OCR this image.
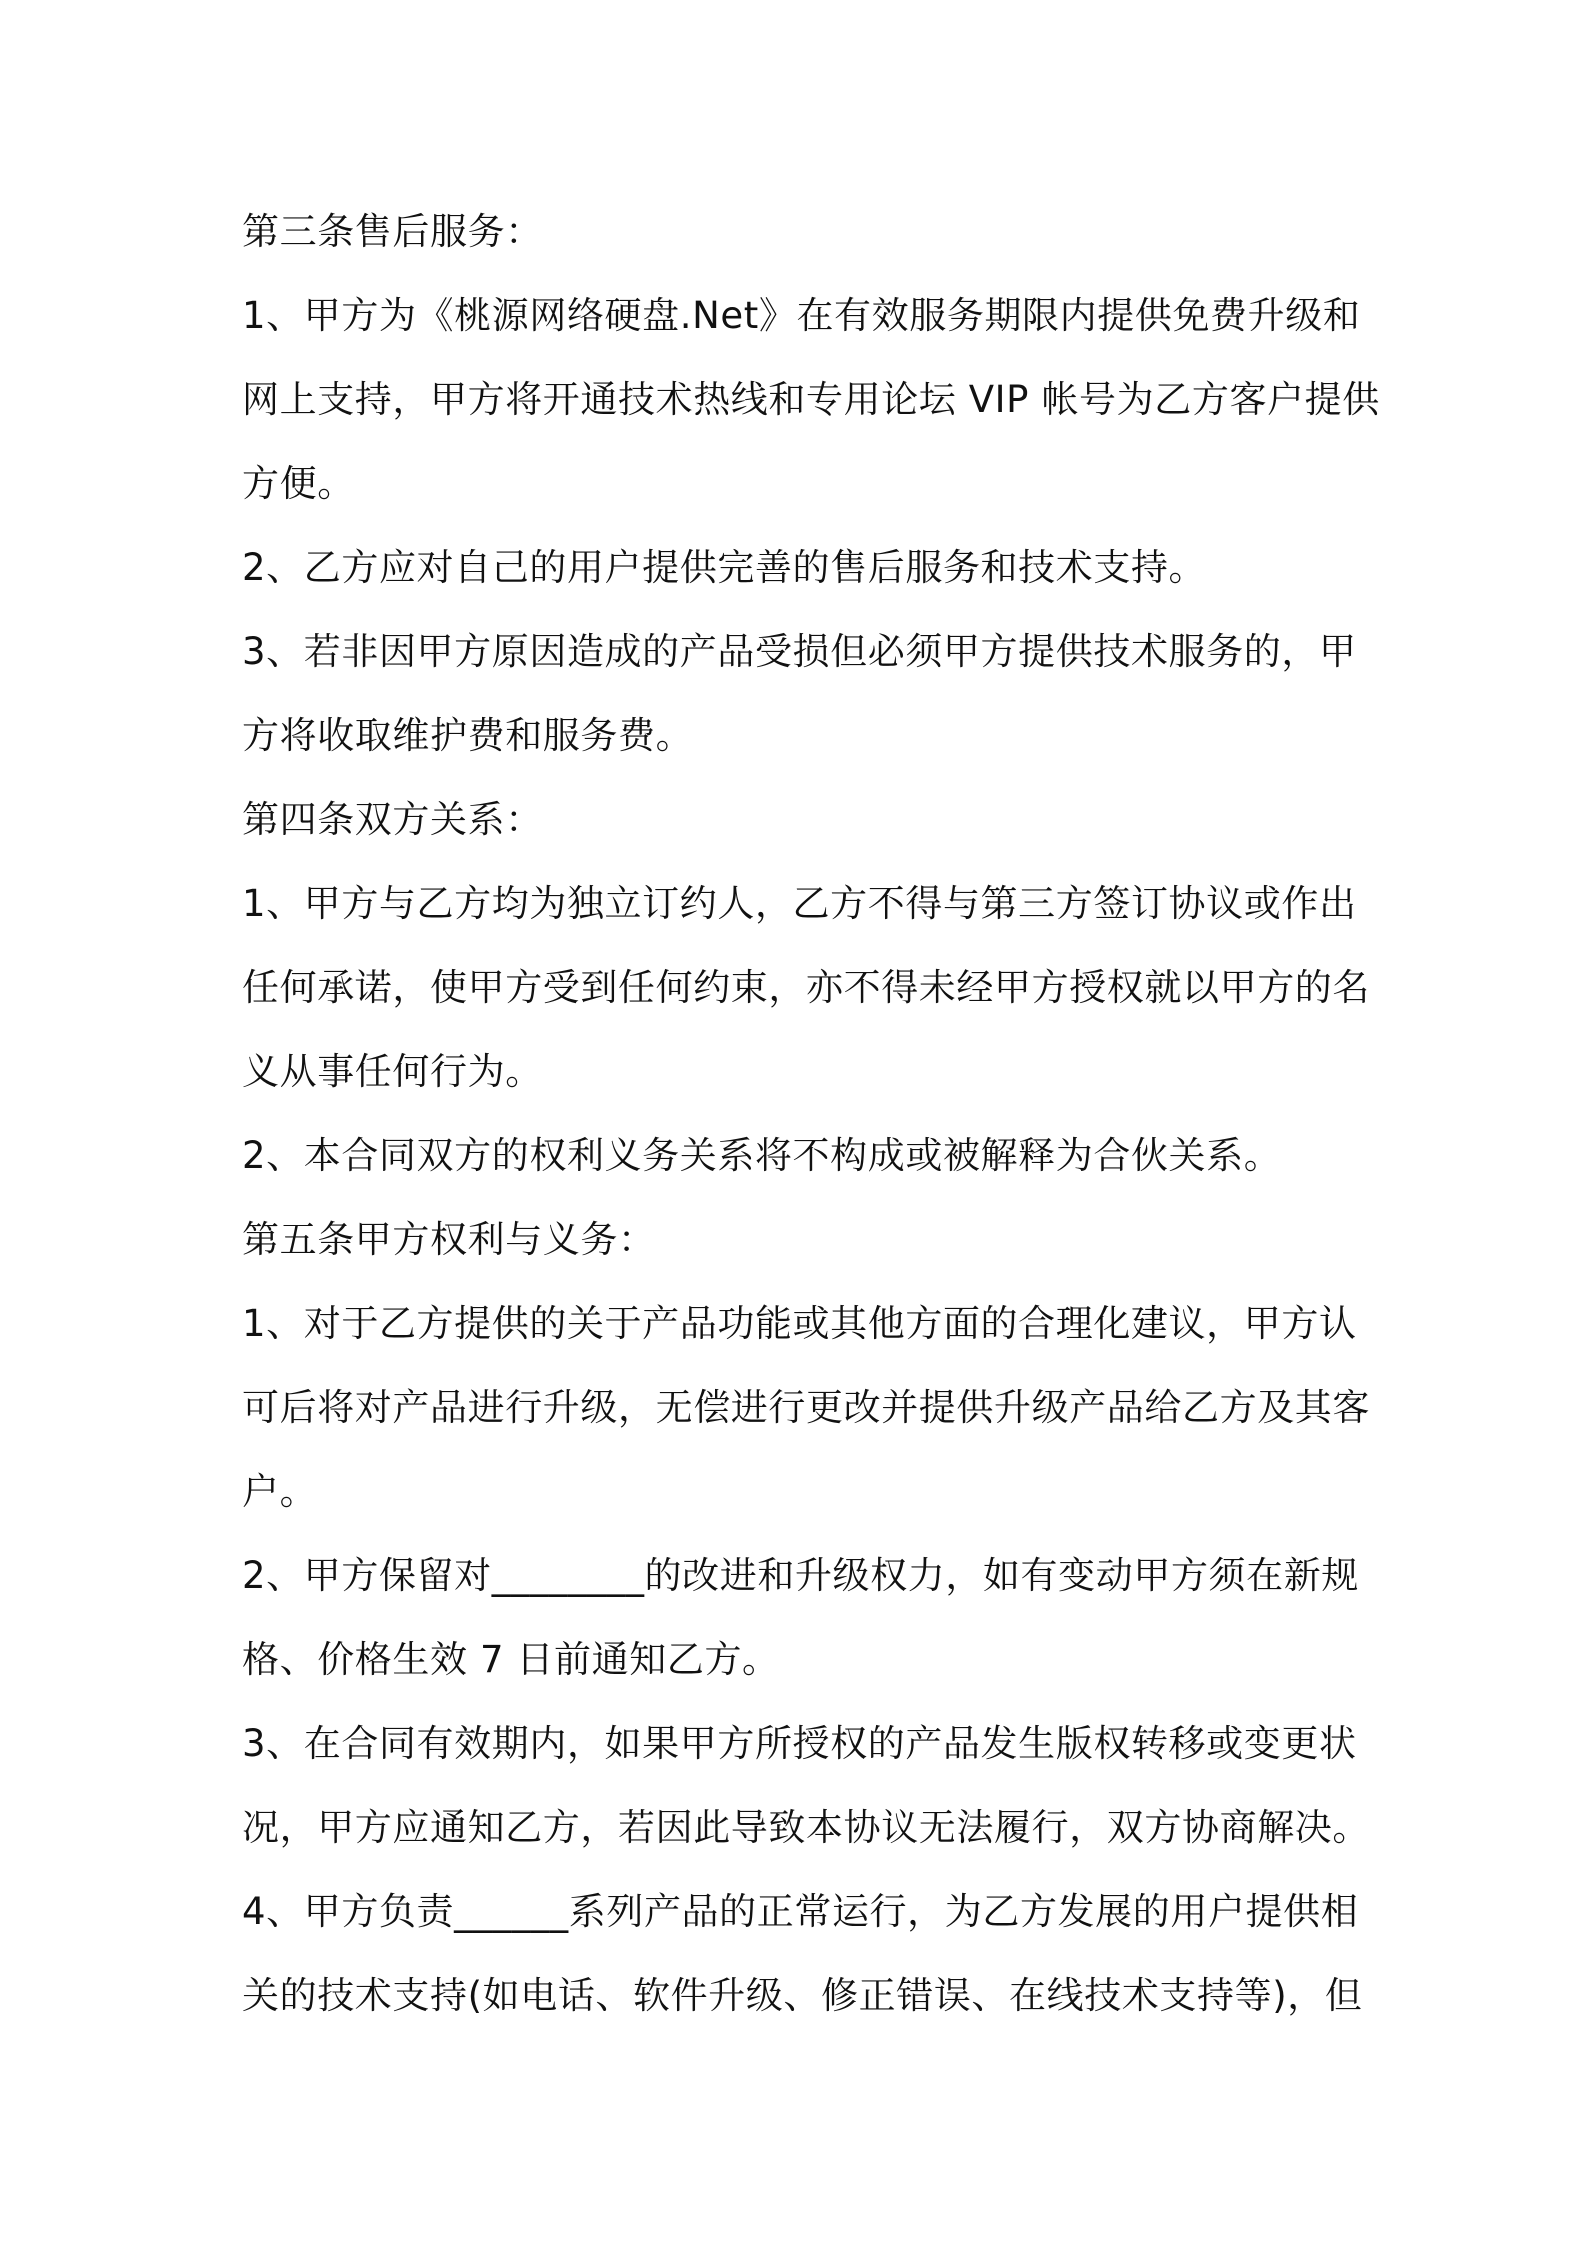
第三条售后服务：
1、甲方为《桃源网络硬盘.Net》在有效服务期限内提供免费升级和
网上支持，甲方将开通技术热线和专用论坛 VIP 帐号为乙方客户提供
方便。
2、乙方应对自己的用户提供完善的售后服务和技术支持。
3、若非因甲方原因造成的产品受损但必须甲方提供技术服务的，甲
方将收取维护费和服务费。
第四条双方关系：
1、甲方与乙方均为独立订约人，乙方不得与第三方签订协议或作出
任何承诺，使甲方受到任何约束，亦不得未经甲方授权就以甲方的名
义从事任何行为。
2、本合同双方的权利义务关系将不构成或被解释为合伙关系。
第五条甲方权利与义务：
1、对于乙方提供的关于产品功能或其他方面的合理化建议，甲方认
可后将对产品进行升级，无偿进行更改并提供升级产品给乙方及其客
户。
2、甲方保留对________的改进和升级权力，如有变动甲方须在新规
格、价格生效 7 日前通知乙方。
3、在合同有效期内，如果甲方所授权的产品发生版权转移或变更状
况，甲方应通知乙方，若因此导致本协议无法履行，双方协商解决。
4、甲方负责______系列产品的正常运行，为乙方发展的用户提供相
关的技术支持(如电话、软件升级、修正错误、在线技术支持等)，但
